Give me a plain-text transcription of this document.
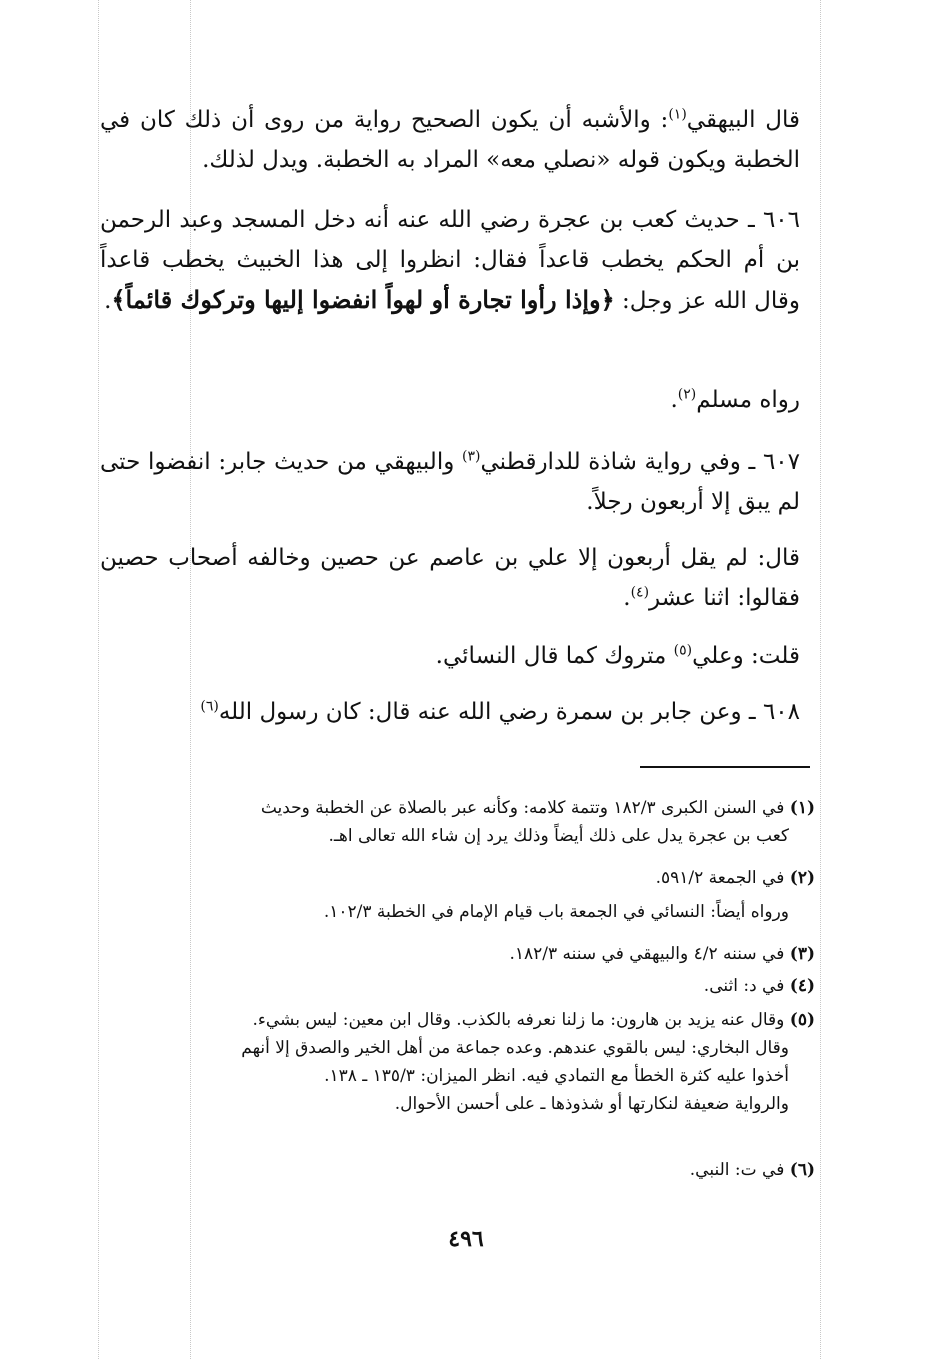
قال البيهقي$^{(١)}$: والأشبه أن يكون الصحيح رواية من روى أن ذلك كان في الخطبة ويكون قوله «نصلي معه» المراد به الخطبة. ويدل لذلك.
٦٠٦ ـ حديث كعب بن عجرة رضي الله عنه أنه دخل المسجد وعبد الرحمن بن أم الحكم يخطب قاعداً فقال: انظروا إلى هذا الخبيث يخطب قاعداً وقال الله عز وجل: ﴿وإذا رأوا تجارة أو لهواً انفضوا إليها وتركوك قائماً﴾.
رواه مسلم$^{(٢)}$.
٦٠٧ ـ وفي رواية شاذة للدارقطني$^{(٣)}$ والبيهقي من حديث جابر: انفضوا حتى لم يبق إلا أربعون رجلاً.
قال: لم يقل أربعون إلا علي بن عاصم عن حصين وخالفه أصحاب حصين فقالوا: اثنا عشر$^{(٤)}$.
قلت: وعلي$^{(٥)}$ متروك كما قال النسائي.
٦٠٨ ـ وعن جابر بن سمرة رضي الله عنه قال: كان رسول الله$^{(٦)}$
(١) في السنن الكبرى ١٨٢/٣ وتتمة كلامه: وكأنه عبر بالصلاة عن الخطبة وحديث
كعب بن عجرة يدل على ذلك أيضاً وذلك يرد إن شاء الله تعالى اهـ.
(٢) في الجمعة ٥٩١/٢.
ورواه أيضاً: النسائي في الجمعة باب قيام الإمام في الخطبة ١٠٢/٣.
(٣) في سننه ٤/٢ والبيهقي في سننه ١٨٢/٣.
(٤) في د: اثنى.
(٥) وقال عنه يزيد بن هارون: ما زلنا نعرفه بالكذب. وقال ابن معين: ليس بشيء.
وقال البخاري: ليس بالقوي عندهم. وعده جماعة من أهل الخير والصدق إلا أنهم
أخذوا عليه كثرة الخطأ مع التمادي فيه. انظر الميزان: ١٣٥/٣ ـ ١٣٨.
والرواية ضعيفة لنكارتها أو شذوذها ـ على أحسن الأحوال.
(٦) في ت: النبي.
٤٩٦
